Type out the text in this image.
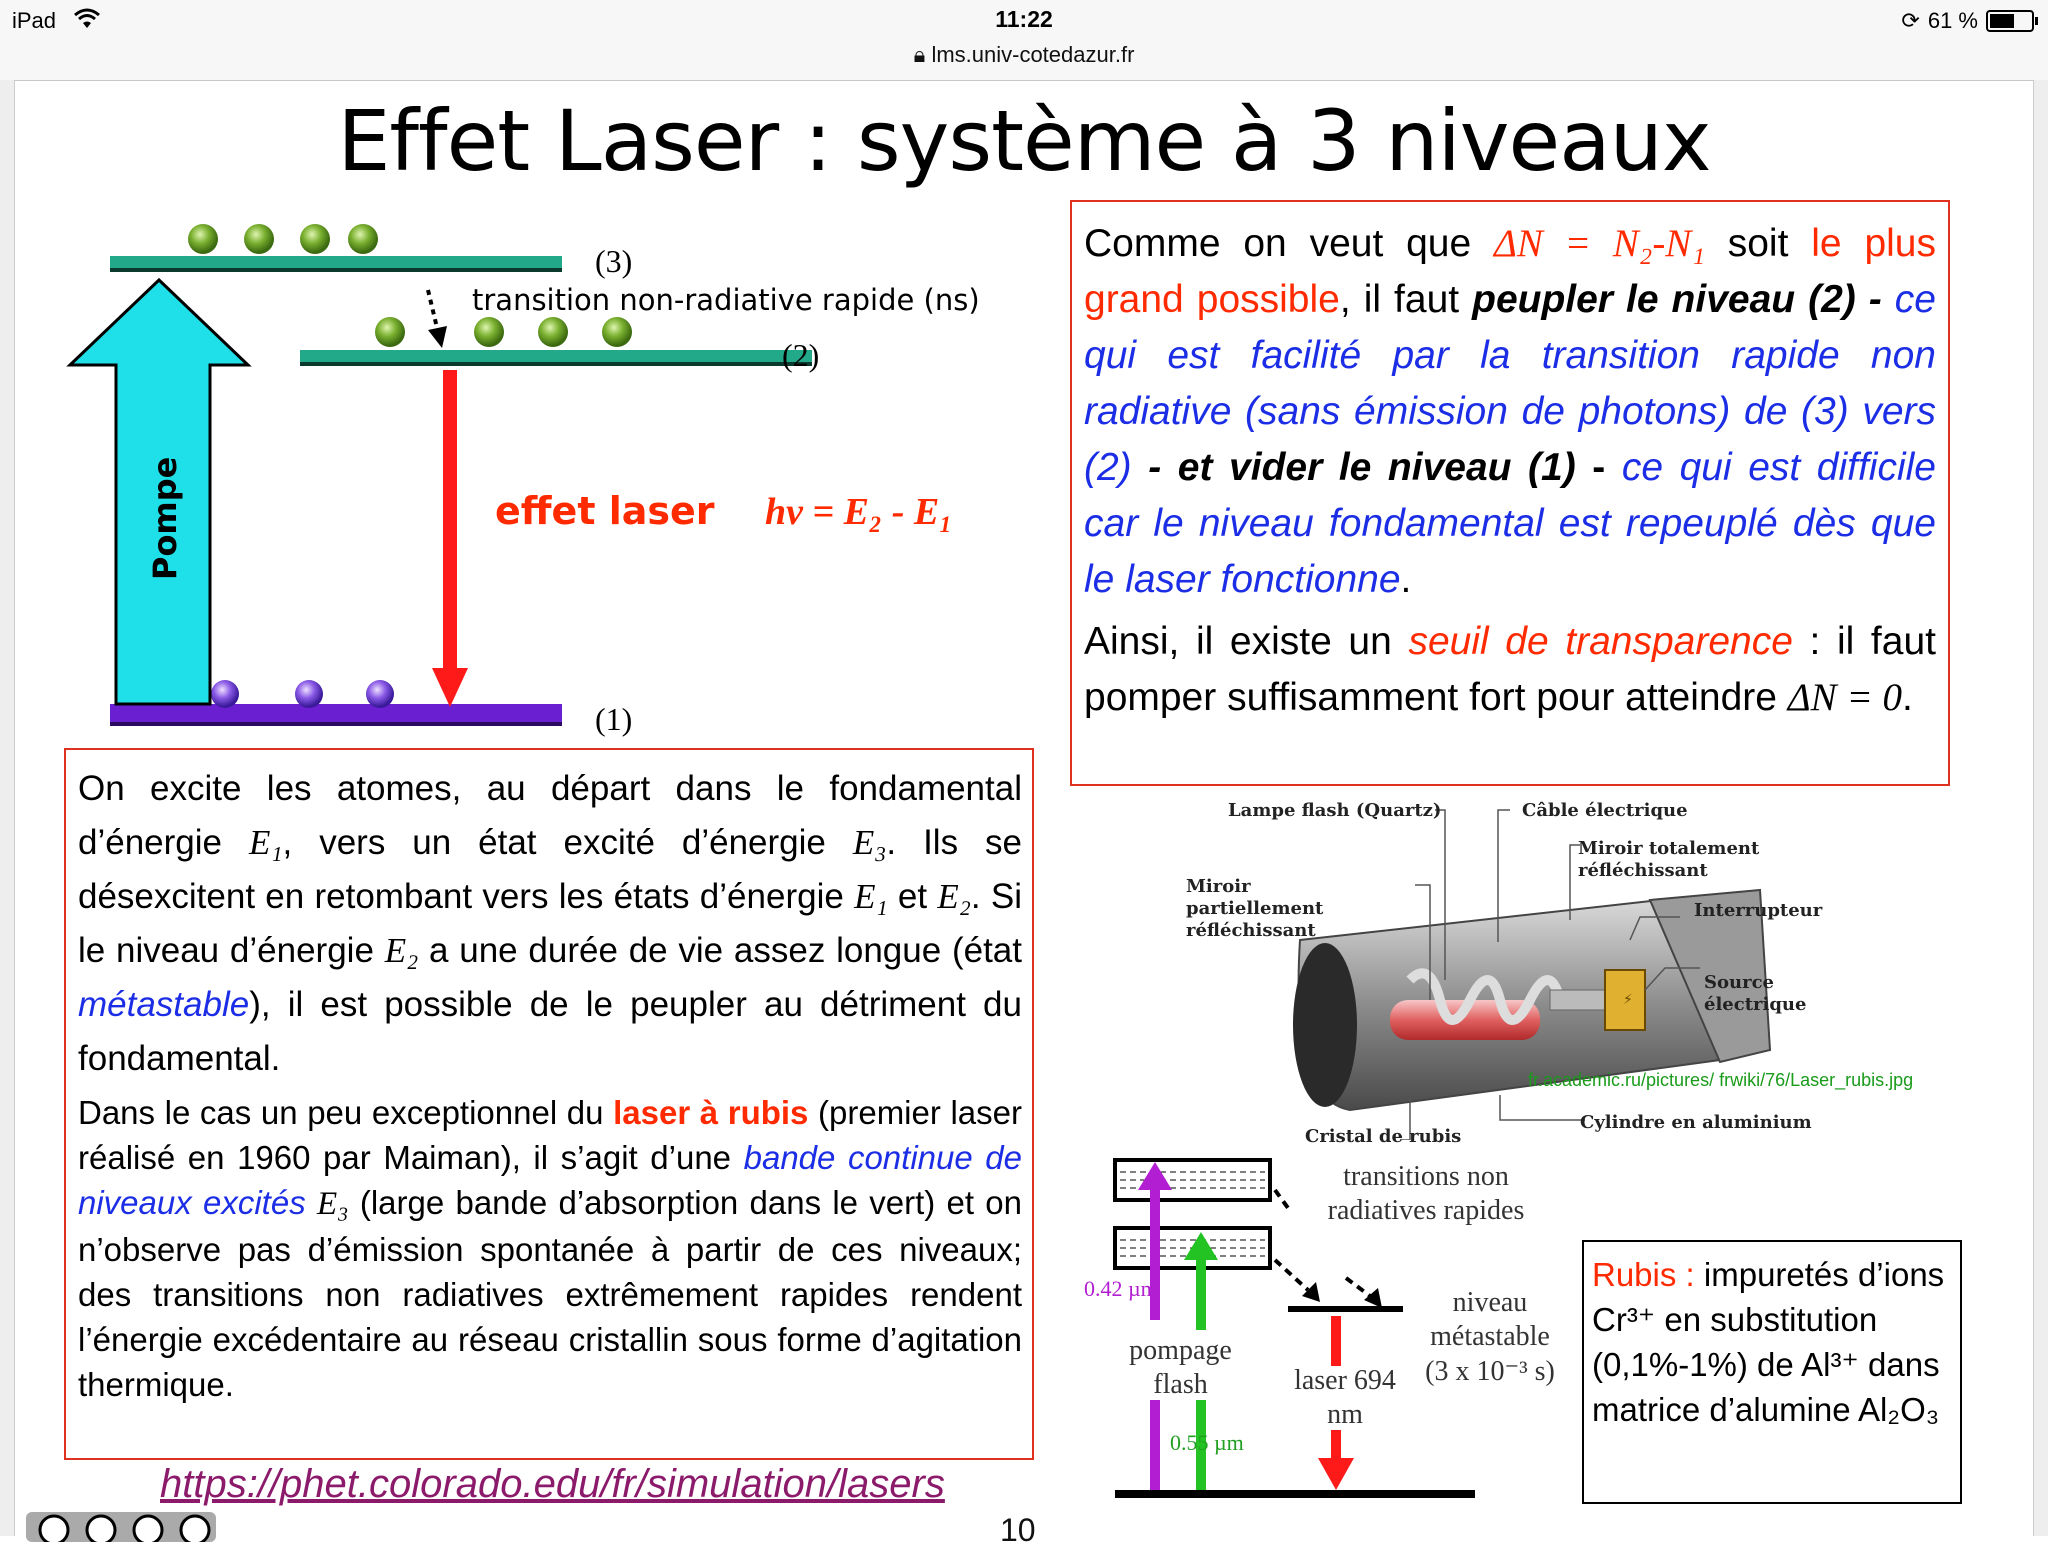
iPad	11:22
🔒︎ lms.univ-cotedazur.fr
⟳ 61 %
Effet Laser : système à 3 niveaux
Pompe
(3)
(2)
(1)
transition non-radiative rapide (ns)
effet laser hv = E₂ - E₁

On excite les atomes, au départ dans le fondamental d’énergie E₁, vers un état excité d’énergie E₃. Ils se désexcitent en retombant vers les états d’énergie E₁ et E₂. Si le niveau d’énergie E₂ a une durée de vie assez longue (état métastable), il est possible de le peupler au détriment du fondamental.

Dans le cas un peu exceptionnel du laser à rubis (premier laser réalisé en 1960 par Maiman), il s’agit d’une bande continue de niveaux excités E₃ (large bande d’absorption dans le vert) et on n’observe pas d’émission spontanée à partir de ces niveaux; des transitions non radiatives extrêmement rapides rendent l’énergie excédentaire au réseau cristallin sous forme d’agitation thermique.

Comme on veut que ΔN = N₂-N₁ soit le plus grand possible, il faut peupler le niveau (2) - ce qui est facilité par la transition rapide non radiative (sans émission de photons) de (3) vers (2) - et vider le niveau (1) - ce qui est difficile car le niveau fondamental est repeuplé dès que le laser fonctionne.

Ainsi, il existe un seuil de transparence : il faut pomper suffisamment fort pour atteindre ΔN = 0.

⚡
Lampe flash (Quartz)	Câble électrique
Miroir totalement réfléchissant
Miroir partiellement réfléchissant
Interrupteur
Source électrique
Cristal de rubis
Cylindre en aluminium
fr.academic.ru/pictures/ frwiki/76/Laser_rubis.jpg
transitions non radiatives rapides
niveau métastable
(3 x 10⁻³ s)
pompage flash	laser 694 nm
0.42 µm
0.55 µm
Rubis : impuretés d’ions Cr³⁺ en substitution (0,1%-1%) de Al³⁺ dans matrice d’alumine Al₂O₃
https://phet.colorado.edu/fr/simulation/lasers
10
